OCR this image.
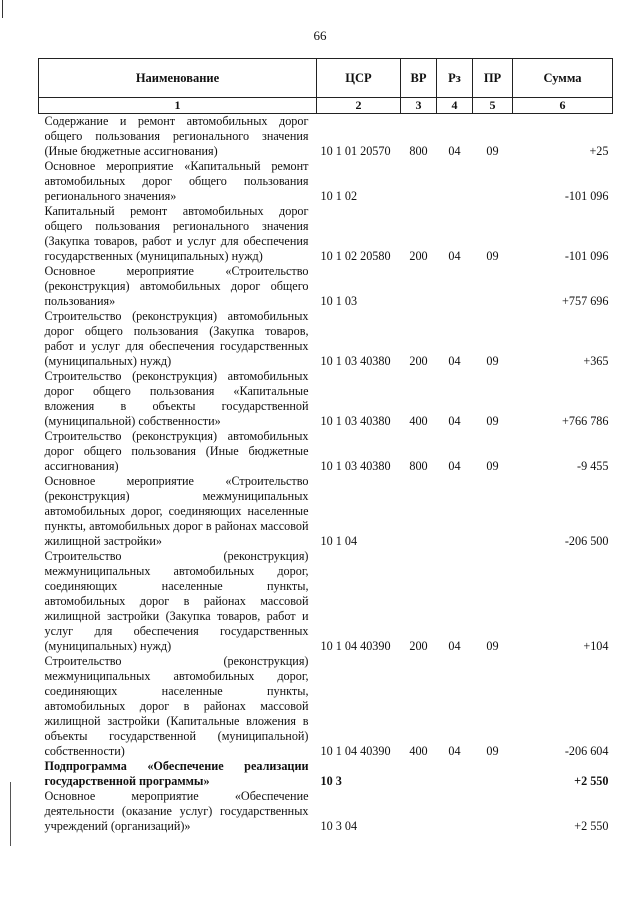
66
Наименование	ЦСР	ВР	Рз	ПР	Сумма
1	2	3	4	5	6
Содержание и ремонт автомобильных дорог общего пользования регионального значения (Иные бюджетные ассигнования)	10 1 01 20570	800	04	09	+25
Основное мероприятие «Капитальный ремонт автомобильных дорог общего пользования регионального значения»	10 1 02				-101 096
Капитальный ремонт автомобильных дорог общего пользования регионального значения (Закупка товаров, работ и услуг для обеспечения государственных (муниципальных) нужд)	10 1 02 20580	200	04	09	-101 096
Основное мероприятие «Строительство (реконструкция) автомобильных дорог общего пользования»	10 1 03				+757 696
Строительство (реконструкция) автомобильных дорог общего пользования (Закупка товаров, работ и услуг для обеспечения государственных (муниципальных) нужд)	10 1 03 40380	200	04	09	+365
Строительство (реконструкция) автомобильных дорог общего пользования «Капитальные вложения в объекты государственной (муниципальной) собственности»	10 1 03 40380	400	04	09	+766 786
Строительство (реконструкция) автомобильных дорог общего пользования (Иные бюджетные ассигнования)	10 1 03 40380	800	04	09	-9 455
Основное мероприятие «Строительство (реконструкция) межмуниципальных автомобильных дорог, соединяющих населенные пункты, автомобильных дорог в районах массовой жилищной застройки»	10 1 04				-206 500
Строительство (реконструкция) межмуниципальных автомобильных дорог, соединяющих населенные пункты, автомобильных дорог в районах массовой жилищной застройки (Закупка товаров, работ и услуг для обеспечения государственных (муниципальных) нужд)	10 1 04 40390	200	04	09	+104
Строительство (реконструкция) межмуниципальных автомобильных дорог, соединяющих населенные пункты, автомобильных дорог в районах массовой жилищной застройки (Капитальные вложения в объекты государственной (муниципальной) собственности)	10 1 04 40390	400	04	09	-206 604
Подпрограмма «Обеспечение реализации государственной программы»	10 3				+2 550
Основное мероприятие «Обеспечение деятельности (оказание услуг) государственных учреждений (организаций)»	10 3 04				+2 550
